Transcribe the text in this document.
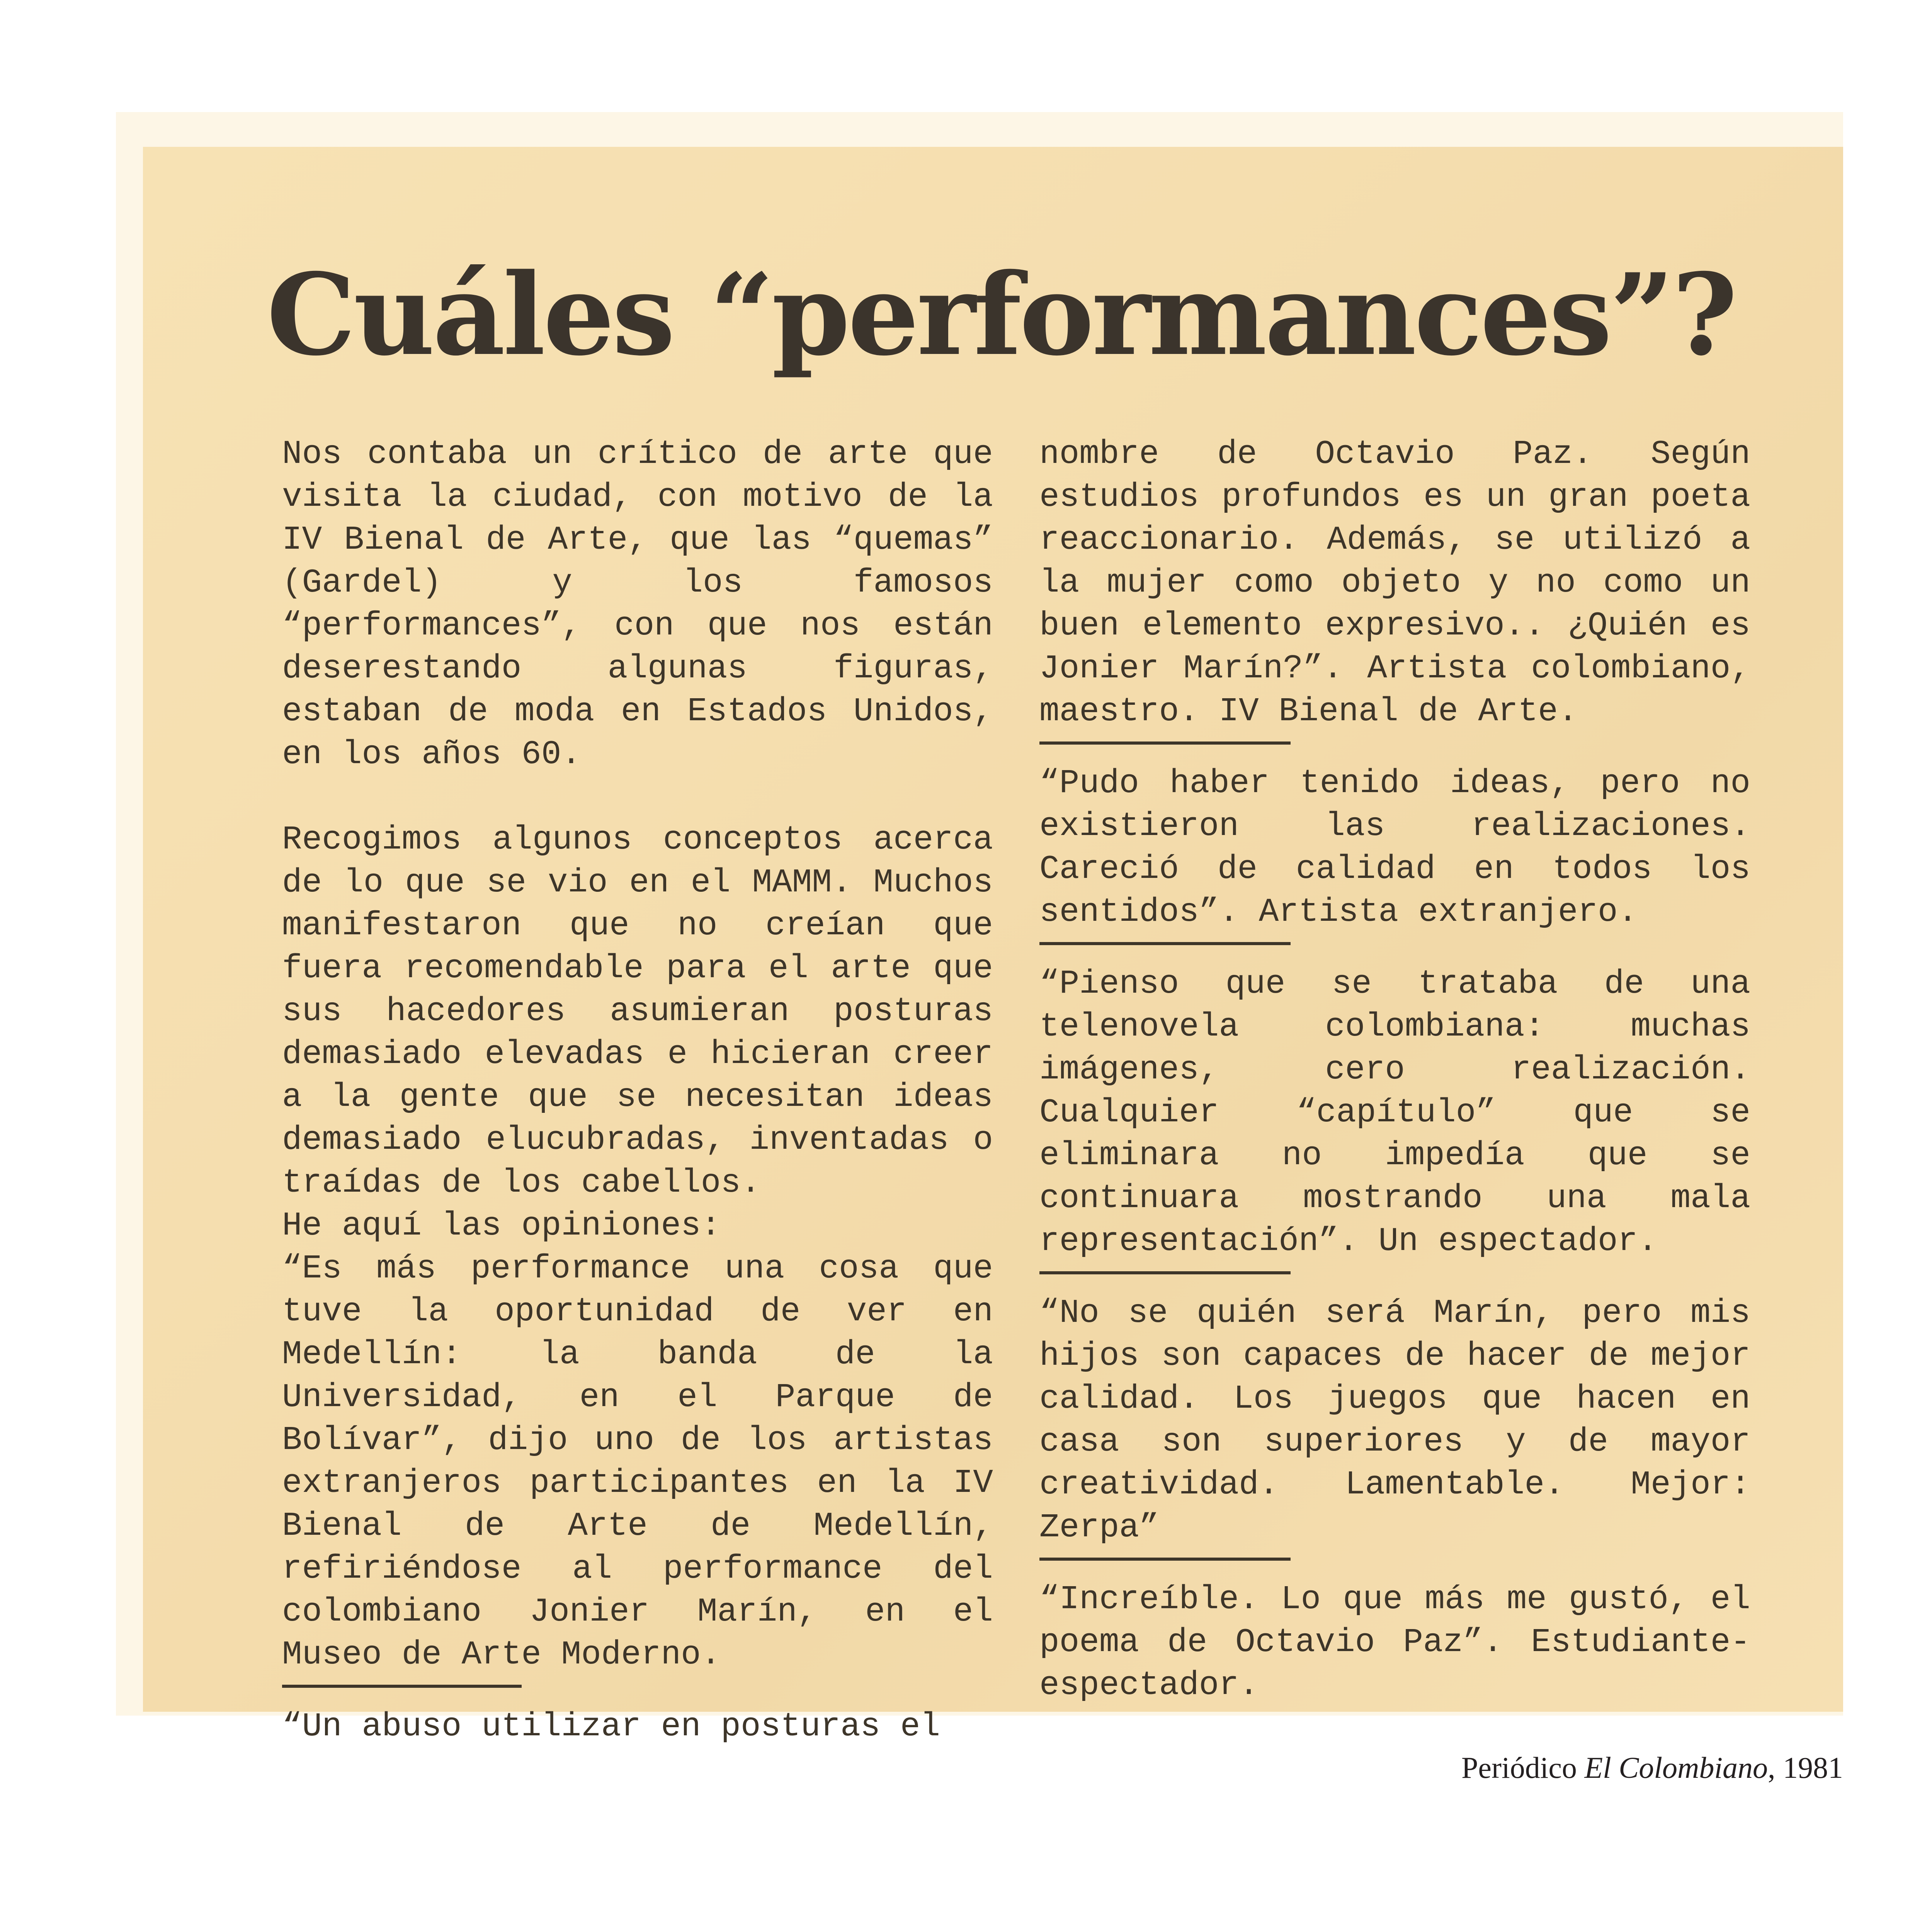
Cuáles “performances”?

Nos contaba un crítico de arte que visita la ciudad, con motivo de la IV Bienal de Arte, que las “quemas” (Gardel) y los famosos “performances”, con que nos están deserestando algunas figuras, estaban de moda en Estados Unidos, en los años 60.

Recogimos algunos conceptos acerca de lo que se vio en el MAMM. Muchos manifestaron que no creían que fuera recomendable para el arte que sus hacedores asumieran posturas demasiado elevadas e hicieran creer a la gente que se necesitan ideas demasiado elucubradas, inventadas o traídas de los cabellos.

He aquí las opiniones:

“Es más performance una cosa que tuve la oportunidad de ver en Medellín: la banda de la Universidad, en el Parque de Bolívar”, dijo uno de los artistas extranjeros participantes en la IV Bienal de Arte de Medellín, refiriéndose al performance del colombiano Jonier Marín, en el Museo de Arte Moderno.

“Un abuso utilizar en posturas el

nombre de Octavio Paz. Según estudios profundos es un gran poeta reaccionario. Además, se utilizó a la mujer como objeto y no como un buen elemento expresivo.. ¿Quién es Jonier Marín?”. Artista colombiano, maestro. IV Bienal de Arte.

“Pudo haber tenido ideas, pero no existieron las realizaciones. Careció de calidad en todos los sentidos”. Artista extranjero.

“Pienso que se trataba de una telenovela colombiana: muchas imágenes, cero realización. Cualquier “capítulo” que se eliminara no impedía que se continuara mostrando una mala representación”. Un espectador.

“No se quién será Marín, pero mis hijos son capaces de hacer de mejor calidad. Los juegos que hacen en casa son superiores y de mayor creatividad. Lamentable. Mejor: Zerpa”

“Increíble. Lo que más me gustó, el poema de Octavio Paz”. Estudiante-espectador.

Periódico El Colombiano, 1981
